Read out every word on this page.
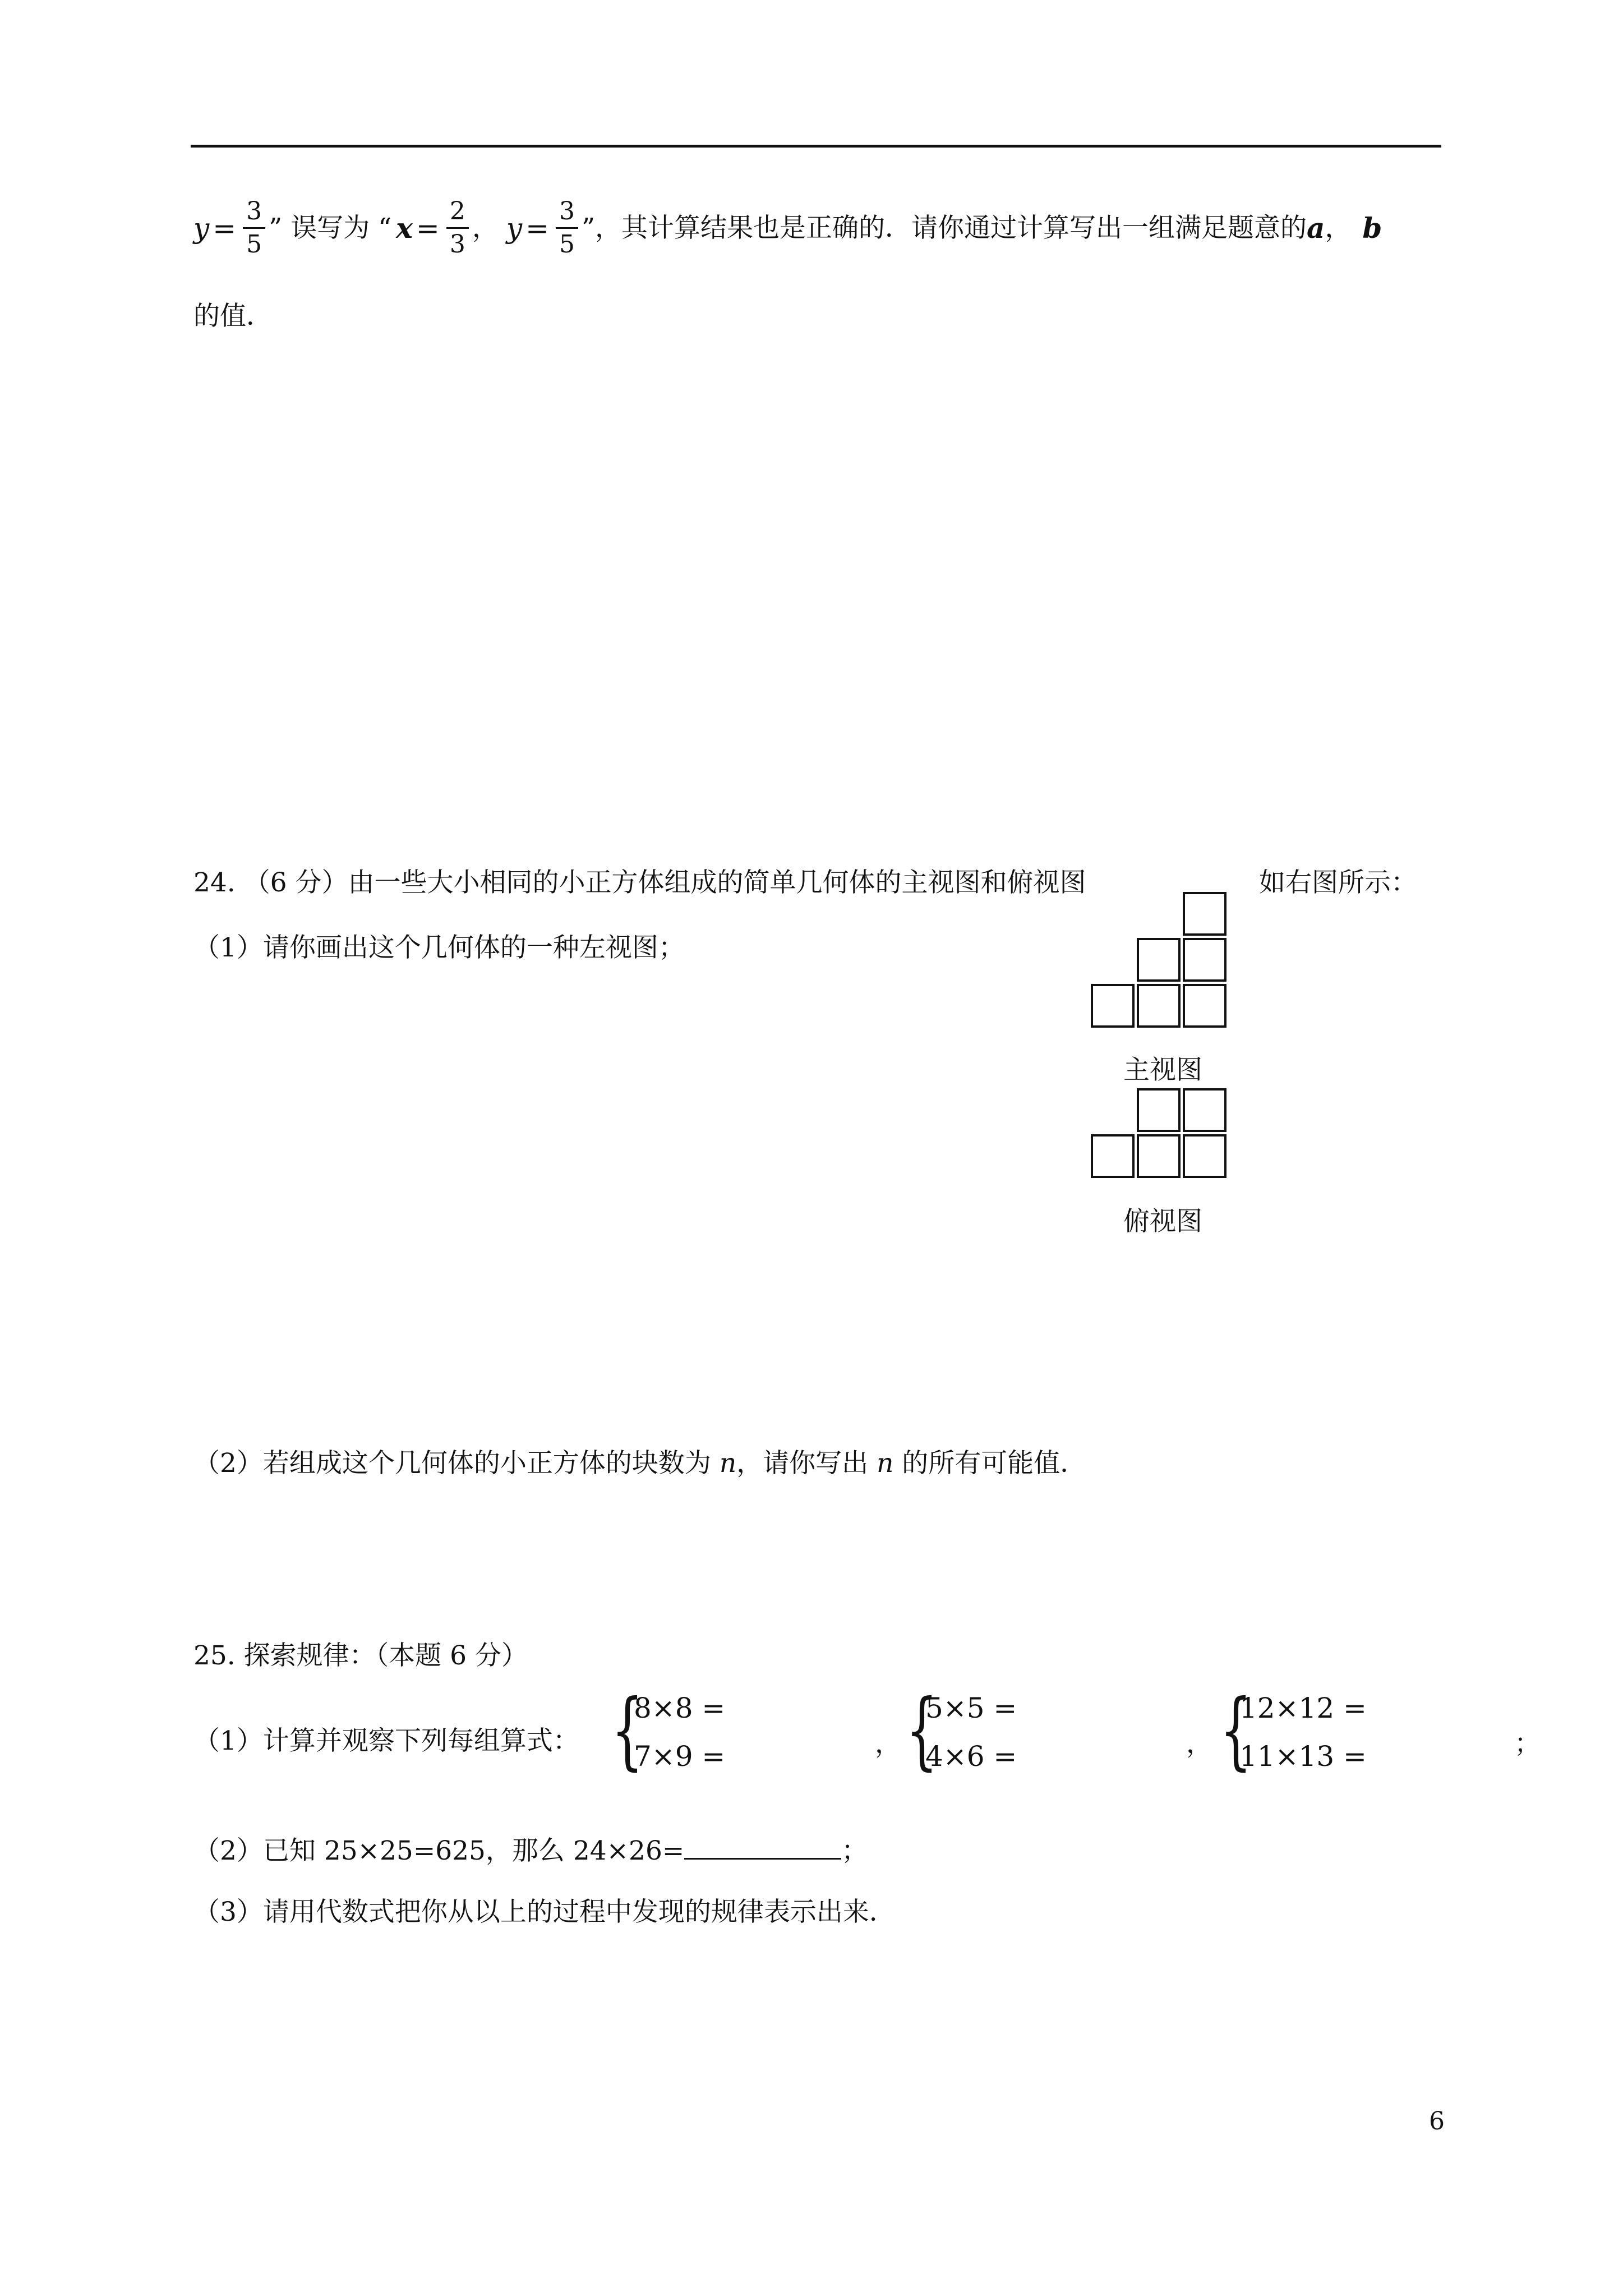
$y = \frac{3}{5}$ ” 误写为 “ $x = \frac{2}{3}$ ， $y = \frac{3}{5}$ ”，其计算结果也是正确的．请你通过计算写出一组满足题意的 a ， b
的值．
24. （6 分）由一些大小相同的小正方体组成的简单几何体的主视图和俯视图	如右图所示：
（1）请你画出这个几何体的一种左视图；
主视图
俯视图
（2）若组成这个几何体的小正方体的块数为 n，请你写出 n 的所有可能值．
25. 探索规律：（本题 6 分）
（1）计算并观察下列每组算式： {
8×8 =
7×9 =	， {
5×5 =
4×6 =	， {
12×12 =
11×13 =	；
（2）已知 25×25=625，那么 24×26=	；
（3）请用代数式把你从以上的过程中发现的规律表示出来．
6
